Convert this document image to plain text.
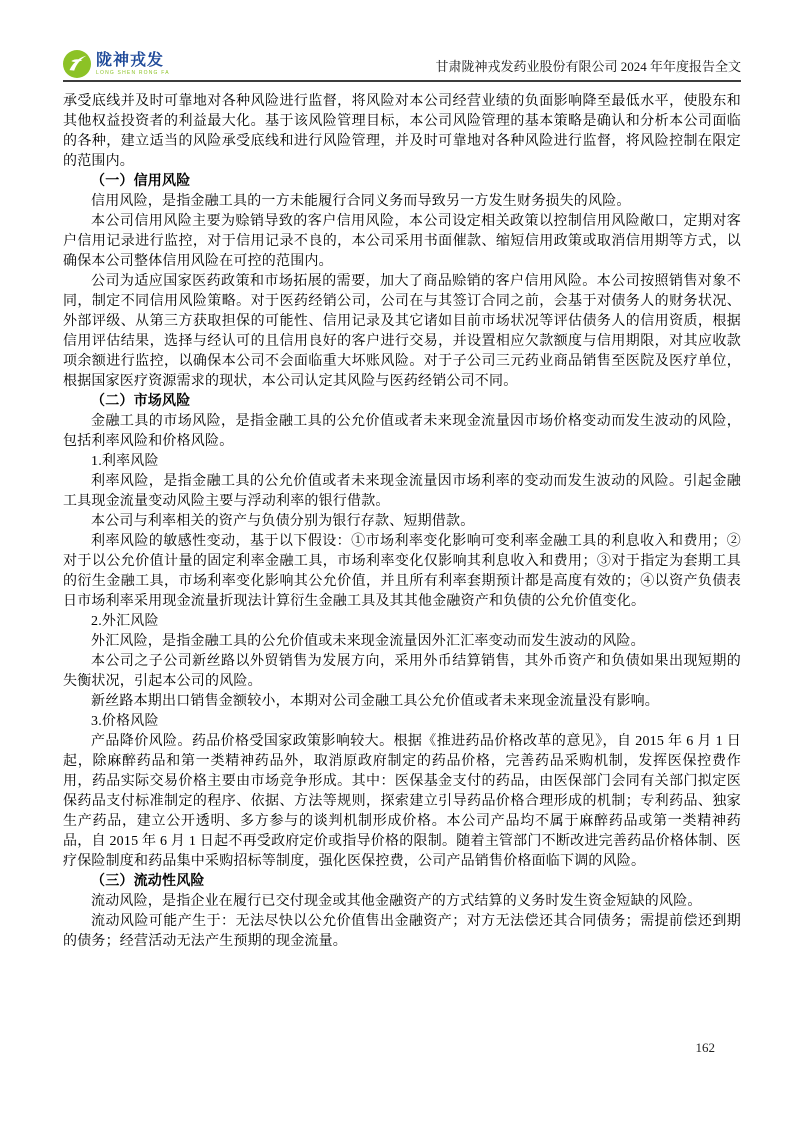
陇神戎发
LONG SHEN RONG FA	甘肃陇神戎发药业股份有限公司 2024 年年度报告全文

承受底线并及时可靠地对各种风险进行监督，将风险对本公司经营业绩的负面影响降至最低水平，使股东和其他权益投资者的利益最大化。基于该风险管理目标，本公司风险管理的基本策略是确认和分析本公司面临的各种，建立适当的风险承受底线和进行风险管理，并及时可靠地对各种风险进行监督，将风险控制在限定的范围内。

（一）信用风险

信用风险，是指金融工具的一方未能履行合同义务而导致另一方发生财务损失的风险。

本公司信用风险主要为赊销导致的客户信用风险，本公司设定相关政策以控制信用风险敞口，定期对客户信用记录进行监控，对于信用记录不良的，本公司采用书面催款、缩短信用政策或取消信用期等方式，以确保本公司整体信用风险在可控的范围内。

公司为适应国家医药政策和市场拓展的需要，加大了商品赊销的客户信用风险。本公司按照销售对象不同，制定不同信用风险策略。对于医药经销公司，公司在与其签订合同之前，会基于对债务人的财务状况、外部评级、从第三方获取担保的可能性、信用记录及其它诸如目前市场状况等评估债务人的信用资质，根据信用评估结果，选择与经认可的且信用良好的客户进行交易，并设置相应欠款额度与信用期限，对其应收款项余额进行监控，以确保本公司不会面临重大坏账风险。对于子公司三元药业商品销售至医院及医疗单位，根据国家医疗资源需求的现状，本公司认定其风险与医药经销公司不同。

（二）市场风险

金融工具的市场风险，是指金融工具的公允价值或者未来现金流量因市场价格变动而发生波动的风险，包括利率风险和价格风险。

1.利率风险

利率风险，是指金融工具的公允价值或者未来现金流量因市场利率的变动而发生波动的风险。引起金融工具现金流量变动风险主要与浮动利率的银行借款。

本公司与利率相关的资产与负债分别为银行存款、短期借款。

利率风险的敏感性变动，基于以下假设：①市场利率变化影响可变利率金融工具的利息收入和费用；②对于以公允价值计量的固定利率金融工具，市场利率变化仅影响其利息收入和费用；③对于指定为套期工具的衍生金融工具，市场利率变化影响其公允价值，并且所有利率套期预计都是高度有效的；④以资产负债表日市场利率采用现金流量折现法计算衍生金融工具及其其他金融资产和负债的公允价值变化。

2.外汇风险

外汇风险，是指金融工具的公允价值或未来现金流量因外汇汇率变动而发生波动的风险。

本公司之子公司新丝路以外贸销售为发展方向，采用外币结算销售，其外币资产和负债如果出现短期的失衡状况，引起本公司的风险。

新丝路本期出口销售金额较小，本期对公司金融工具公允价值或者未来现金流量没有影响。

3.价格风险

产品降价风险。药品价格受国家政策影响较大。根据《推进药品价格改革的意见》，自 2015 年 6 月 1 日起，除麻醉药品和第一类精神药品外，取消原政府制定的药品价格，完善药品采购机制，发挥医保控费作用，药品实际交易价格主要由市场竞争形成。其中：医保基金支付的药品，由医保部门会同有关部门拟定医保药品支付标准制定的程序、依据、方法等规则，探索建立引导药品价格合理形成的机制；专利药品、独家生产药品，建立公开透明、多方参与的谈判机制形成价格。本公司产品均不属于麻醉药品或第一类精神药品，自 2015 年 6 月 1 日起不再受政府定价或指导价格的限制。随着主管部门不断改进完善药品价格体制、医疗保险制度和药品集中采购招标等制度，强化医保控费，公司产品销售价格面临下调的风险。

（三）流动性风险

流动风险，是指企业在履行已交付现金或其他金融资产的方式结算的义务时发生资金短缺的风险。

流动风险可能产生于：无法尽快以公允价值售出金融资产；对方无法偿还其合同债务；需提前偿还到期的债务；经营活动无法产生预期的现金流量。

162
